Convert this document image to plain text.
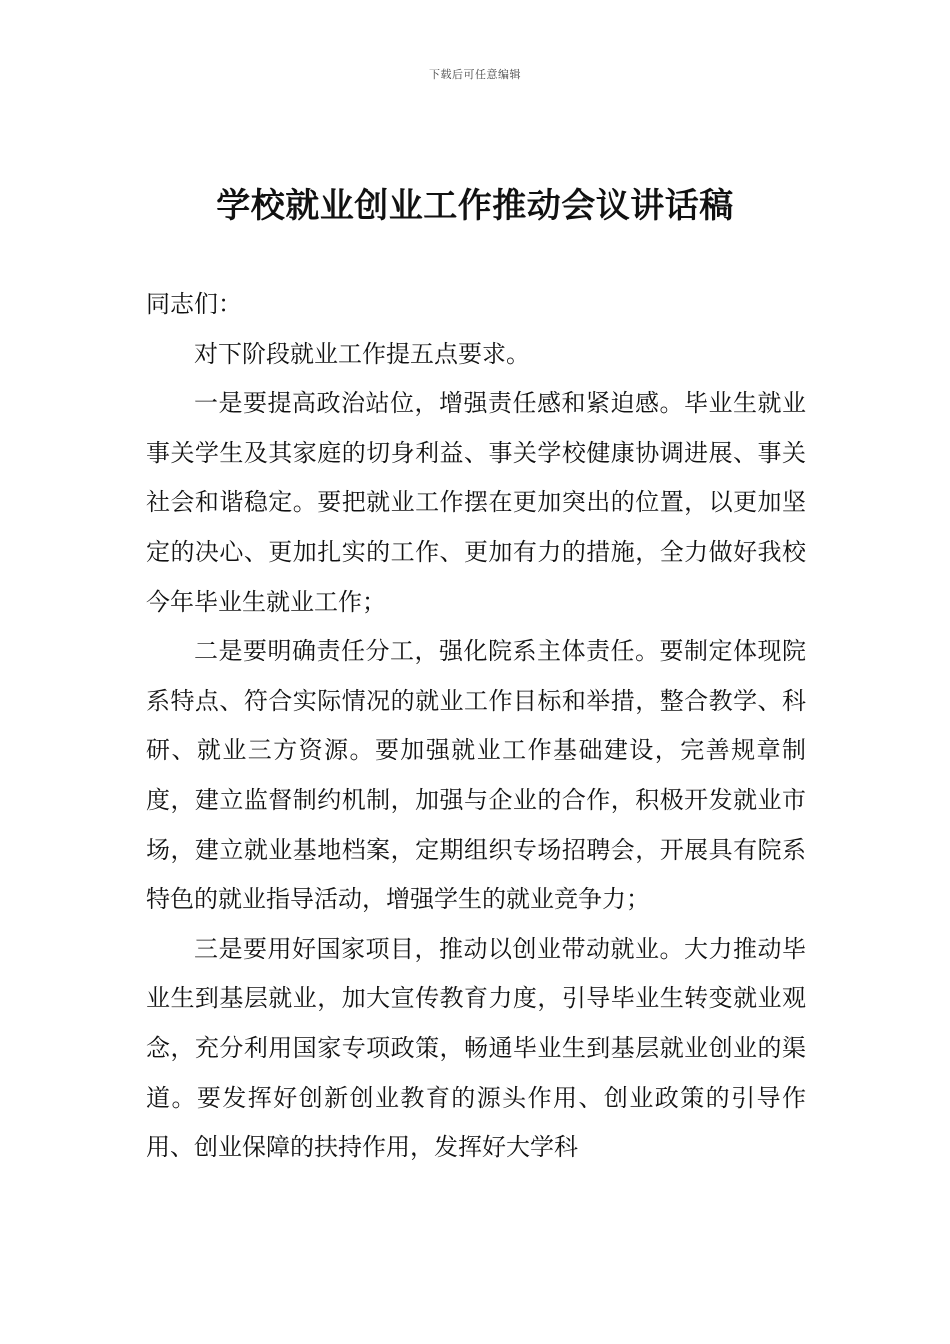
下载后可任意编辑
学校就业创业工作推动会议讲话稿

同志们：

对下阶段就业工作提五点要求。

一是要提高政治站位，增强责任感和紧迫感。毕业生就业事关学生及其家庭的切身利益、事关学校健康协调进展、事关社会和谐稳定。要把就业工作摆在更加突出的位置，以更加坚定的决心、更加扎实的工作、更加有力的措施，全力做好我校今年毕业生就业工作；

二是要明确责任分工，强化院系主体责任。要制定体现院系特点、符合实际情况的就业工作目标和举措，整合教学、科研、就业三方资源。要加强就业工作基础建设，完善规章制度，建立监督制约机制，加强与企业的合作，积极开发就业市场，建立就业基地档案，定期组织专场招聘会，开展具有院系特色的就业指导活动，增强学生的就业竞争力；

三是要用好国家项目，推动以创业带动就业。大力推动毕业生到基层就业，加大宣传教育力度，引导毕业生转变就业观念，充分利用国家专项政策，畅通毕业生到基层就业创业的渠道。要发挥好创新创业教育的源头作用、创业政策的引导作用、创业保障的扶持作用，发挥好大学科
